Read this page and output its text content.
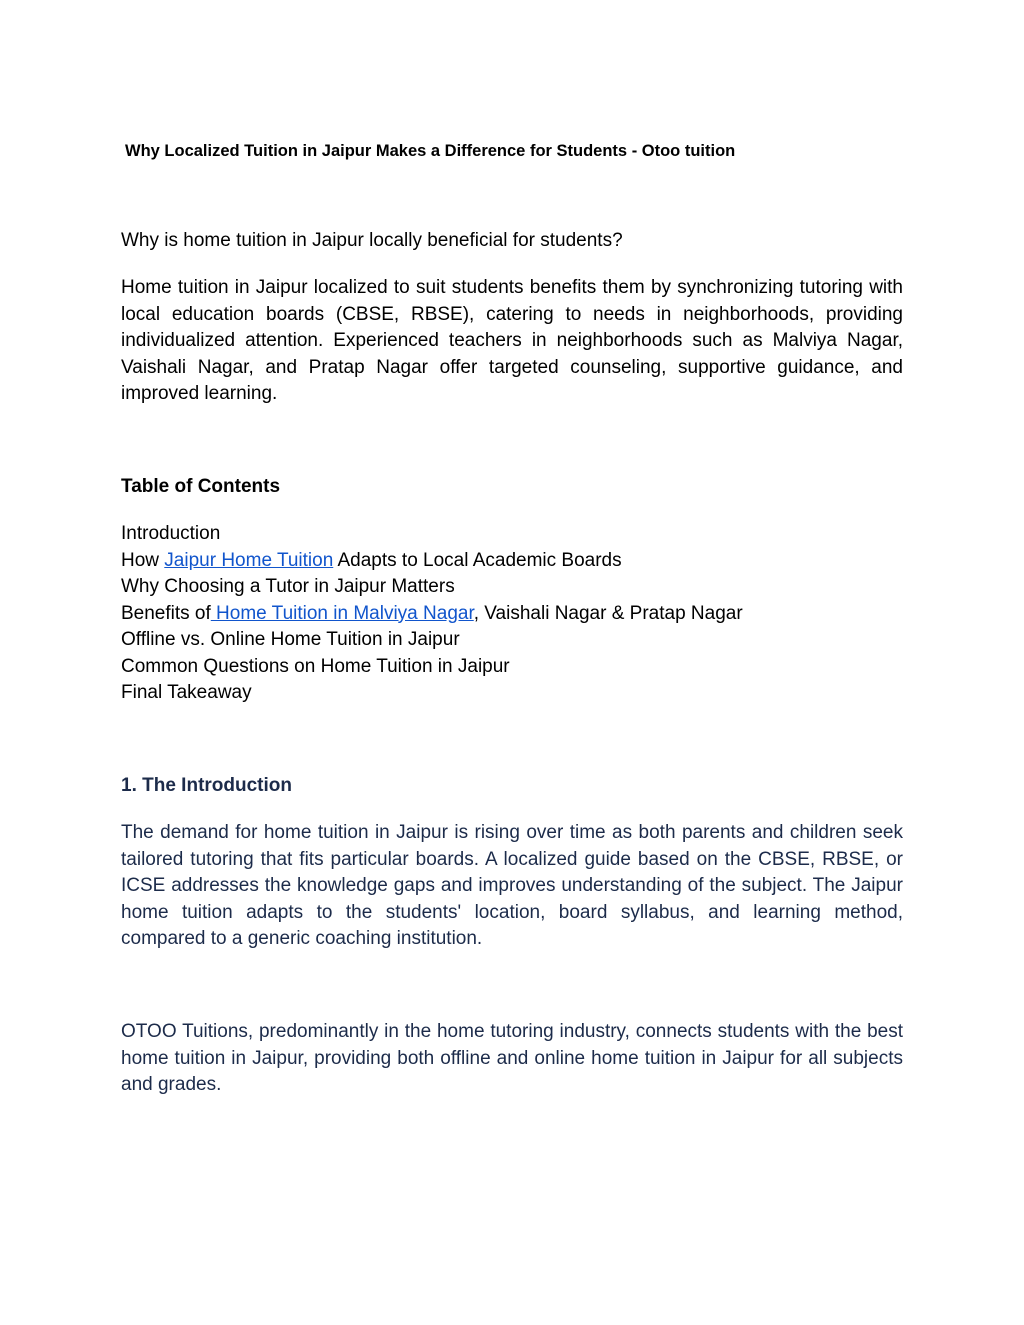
Why Localized Tuition in Jaipur Makes a Difference for Students - Otoo tuition

Why is home tuition in Jaipur locally beneficial for students?

Home tuition in Jaipur localized to suit students benefits them by synchronizing tutoring with local education boards (CBSE, RBSE), catering to needs in neighborhoods, providing individualized attention. Experienced teachers in neighborhoods such as Malviya Nagar, Vaishali Nagar, and Pratap Nagar offer targeted counseling, supportive guidance, and improved learning.

Table of Contents
Introduction
How Jaipur Home Tuition Adapts to Local Academic Boards
Why Choosing a Tutor in Jaipur Matters
Benefits of Home Tuition in Malviya Nagar, Vaishali Nagar & Pratap Nagar
Offline vs. Online Home Tuition in Jaipur
Common Questions on Home Tuition in Jaipur
Final Takeaway
1. The Introduction

The demand for home tuition in Jaipur is rising over time as both parents and children seek tailored tutoring that fits particular boards. A localized guide based on the CBSE, RBSE, or ICSE addresses the knowledge gaps and improves understanding of the subject. The Jaipur home tuition adapts to the students' location, board syllabus, and learning method, compared to a generic coaching institution.

OTOO Tuitions, predominantly in the home tutoring industry, connects students with the best home tuition in Jaipur, providing both offline and online home tuition in Jaipur for all subjects and grades.
